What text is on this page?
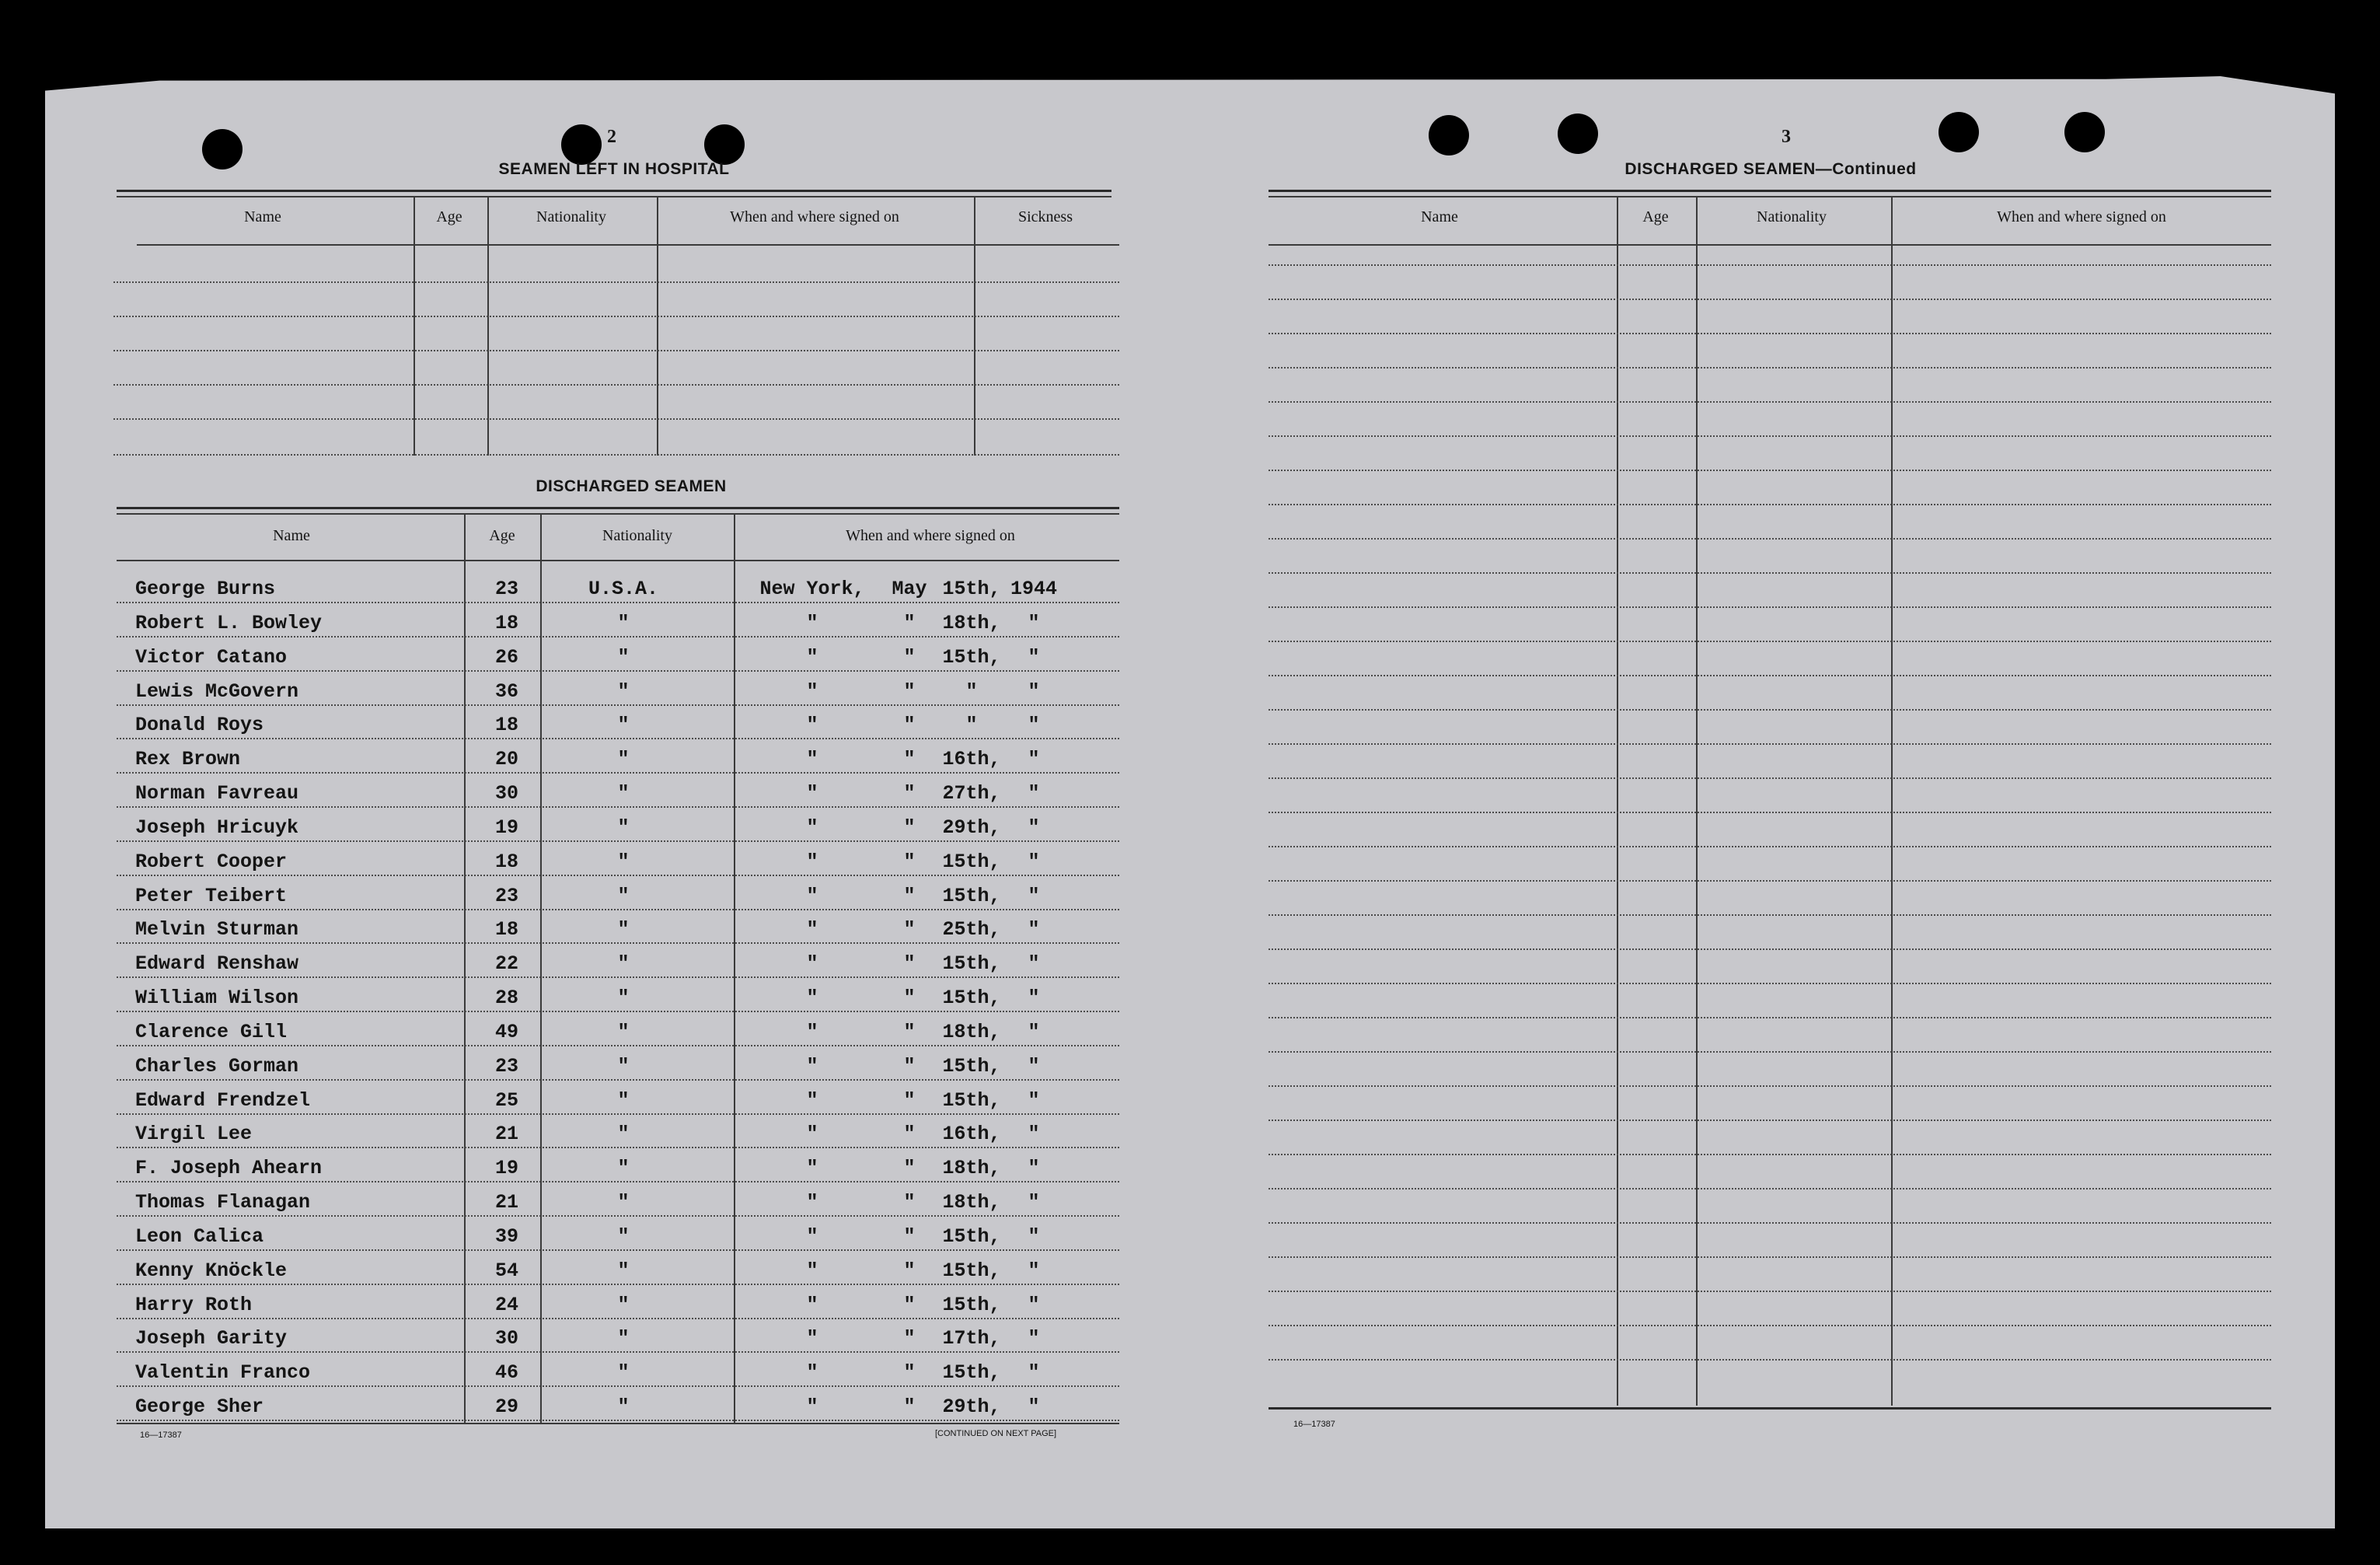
2
SEAMEN LEFT IN HOSPITAL
Name	Age	Nationality	When and where signed on	Sickness
DISCHARGED SEAMEN
Name	Age	Nationality	When and where signed on
George Burns	23	U.S.A.	New York, May 15th, 1944
Robert L. Bowley	18	"	"	" 18th, "
Victor Catano	26	"	"	" 15th, "
Lewis McGovern	36	"	"	"	"	"
Donald Roys	18	"	"	"	"	"
Rex Brown	20	"	"	" 16th, "
Norman Favreau	30	"	"	" 27th, "
Joseph Hricuyk	19	"	"	" 29th, "
Robert Cooper	18	"	"	" 15th, "
Peter Teibert	23	"	"	" 15th, "
Melvin Sturman	18	"	"	" 25th, "
Edward Renshaw	22	"	"	" 15th, "
William Wilson	28	"	"	" 15th, "
Clarence Gill	49	"	"	" 18th, "
Charles Gorman	23	"	"	" 15th, "
Edward Frendzel	25	"	"	" 15th, "
Virgil Lee	21	"	"	" 16th, "
F. Joseph Ahearn	19	"	"	" 18th, "
Thomas Flanagan	21	"	"	" 18th, "
Leon Calica	39	"	"	" 15th, "
Kenny Knöckle	54	"	"	" 15th, "
Harry Roth	24	"	"	" 15th, "
Joseph Garity	30	"	"	" 17th, "
Valentin Franco	46	"	"	" 15th, "
George Sher	29	"	"	" 29th, "
16—17387	[CONTINUED ON NEXT PAGE]
3
DISCHARGED SEAMEN—Continued
Name	Age	Nationality	When and where signed on
16—17387
